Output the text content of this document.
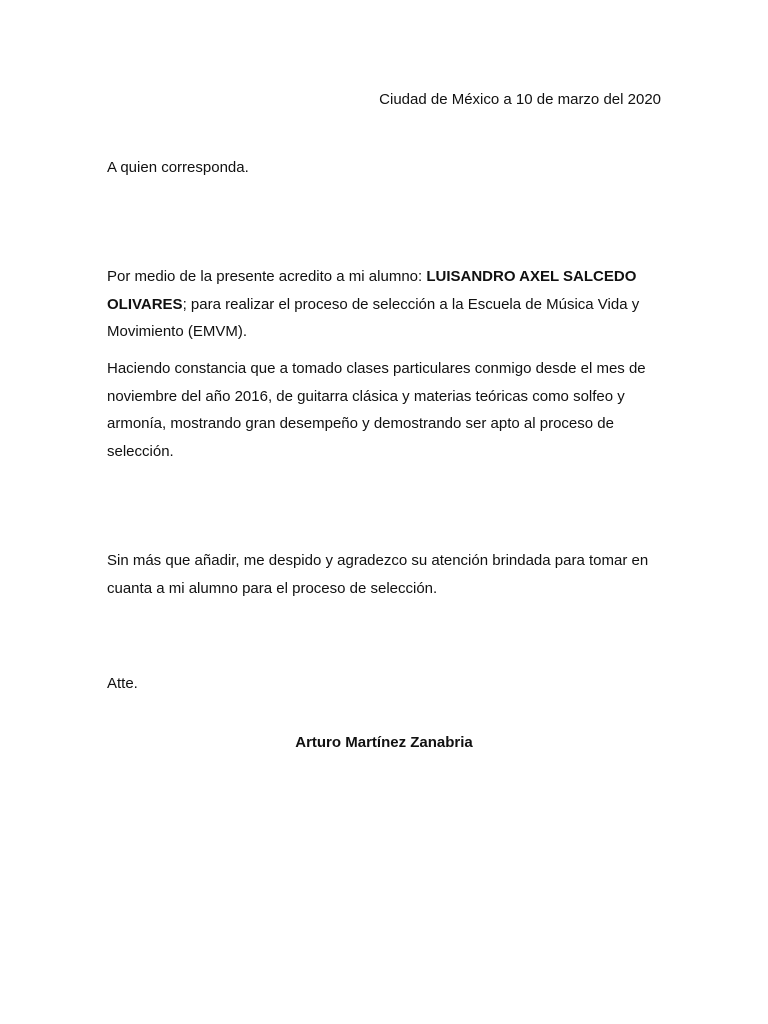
Ciudad de México a 10 de marzo del 2020
A quien corresponda.

Por medio de la presente acredito a mi alumno: LUISANDRO AXEL SALCEDO OLIVARES; para realizar el proceso de selección a la Escuela de Música Vida y Movimiento (EMVM).

Haciendo constancia que a tomado clases particulares conmigo desde el mes de noviembre del año 2016, de guitarra clásica y materias teóricas como solfeo y armonía, mostrando gran desempeño y demostrando ser apto al proceso de selección.

Sin más que añadir, me despido y agradezco su atención brindada para tomar en cuanta a mi alumno para el proceso de selección.

Atte.
Arturo Martínez Zanabria
